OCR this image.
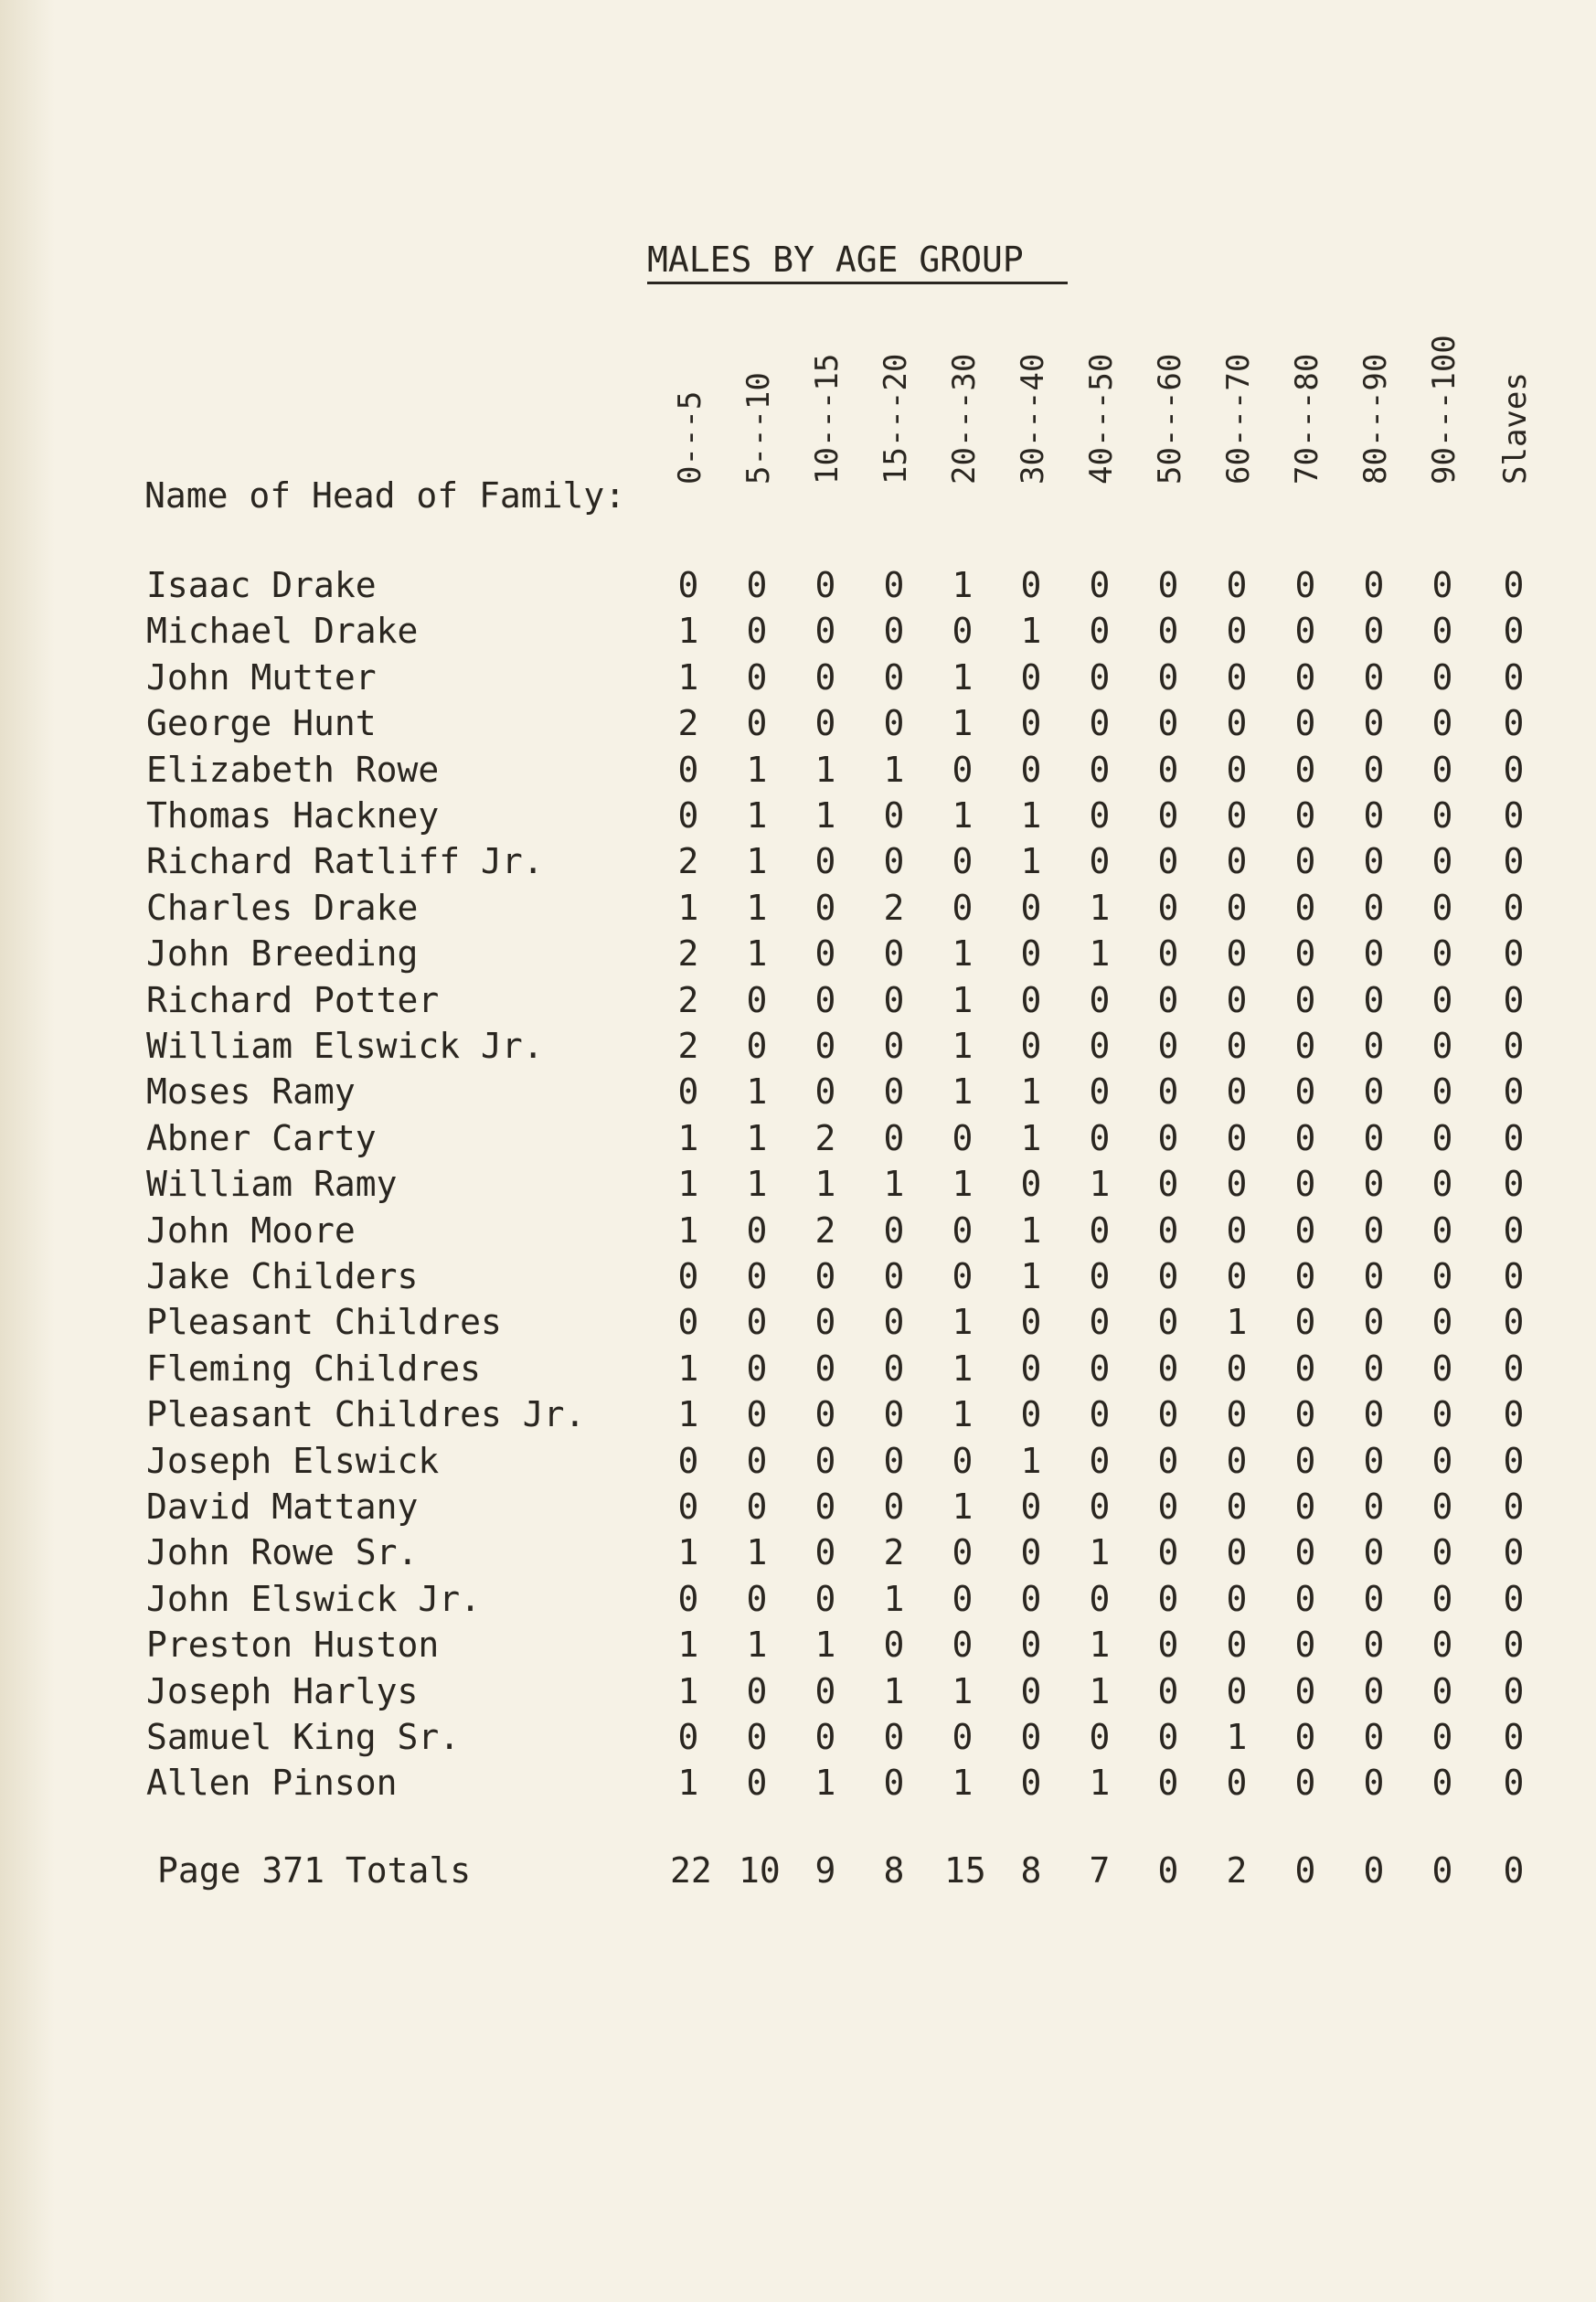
MALES BY AGE GROUP
0---5 5---10 10---15 15---20 20---30 30---40 40---50 50---60 60---70 70---80 80---90 90---100 Slaves
Name of Head of Family:
Isaac Drake	0 0 0 0 1 0 0 0 0 0 0 0 0
Michael Drake	1 0 0 0 0 1 0 0 0 0 0 0 0
John Mutter	1 0 0 0 1 0 0 0 0 0 0 0 0
George Hunt	2 0 0 0 1 0 0 0 0 0 0 0 0
Elizabeth Rowe	0 1 1 1 0 0 0 0 0 0 0 0 0
Thomas Hackney	0 1 1 0 1 1 0 0 0 0 0 0 0
Richard Ratliff Jr.	2 1 0 0 0 1 0 0 0 0 0 0 0
Charles Drake	1 1 0 2 0 0 1 0 0 0 0 0 0
John Breeding	2 1 0 0 1 0 1 0 0 0 0 0 0
Richard Potter	2 0 0 0 1 0 0 0 0 0 0 0 0
William Elswick Jr.	2 0 0 0 1 0 0 0 0 0 0 0 0
Moses Ramy	0 1 0 0 1 1 0 0 0 0 0 0 0
Abner Carty	1 1 2 0 0 1 0 0 0 0 0 0 0
William Ramy	1 1 1 1 1 0 1 0 0 0 0 0 0
John Moore	1 0 2 0 0 1 0 0 0 0 0 0 0
Jake Childers	0 0 0 0 0 1 0 0 0 0 0 0 0
Pleasant Childres	0 0 0 0 1 0 0 0 1 0 0 0 0
Fleming Childres	1 0 0 0 1 0 0 0 0 0 0 0 0
Pleasant Childres Jr.	1 0 0 0 1 0 0 0 0 0 0 0 0
Joseph Elswick	0 0 0 0 0 1 0 0 0 0 0 0 0
David Mattany	0 0 0 0 1 0 0 0 0 0 0 0 0
John Rowe Sr.	1 1 0 2 0 0 1 0 0 0 0 0 0
John Elswick Jr.	0 0 0 1 0 0 0 0 0 0 0 0 0
Preston Huston	1 1 1 0 0 0 1 0 0 0 0 0 0
Joseph Harlys	1 0 0 1 1 0 1 0 0 0 0 0 0
Samuel King Sr.	0 0 0 0 0 0 0 0 1 0 0 0 0
Allen Pinson	1 0 1 0 1 0 1 0 0 0 0 0 0
Page 371 Totals	22 10 9 8 15 8 7 0 2 0 0 0 0
